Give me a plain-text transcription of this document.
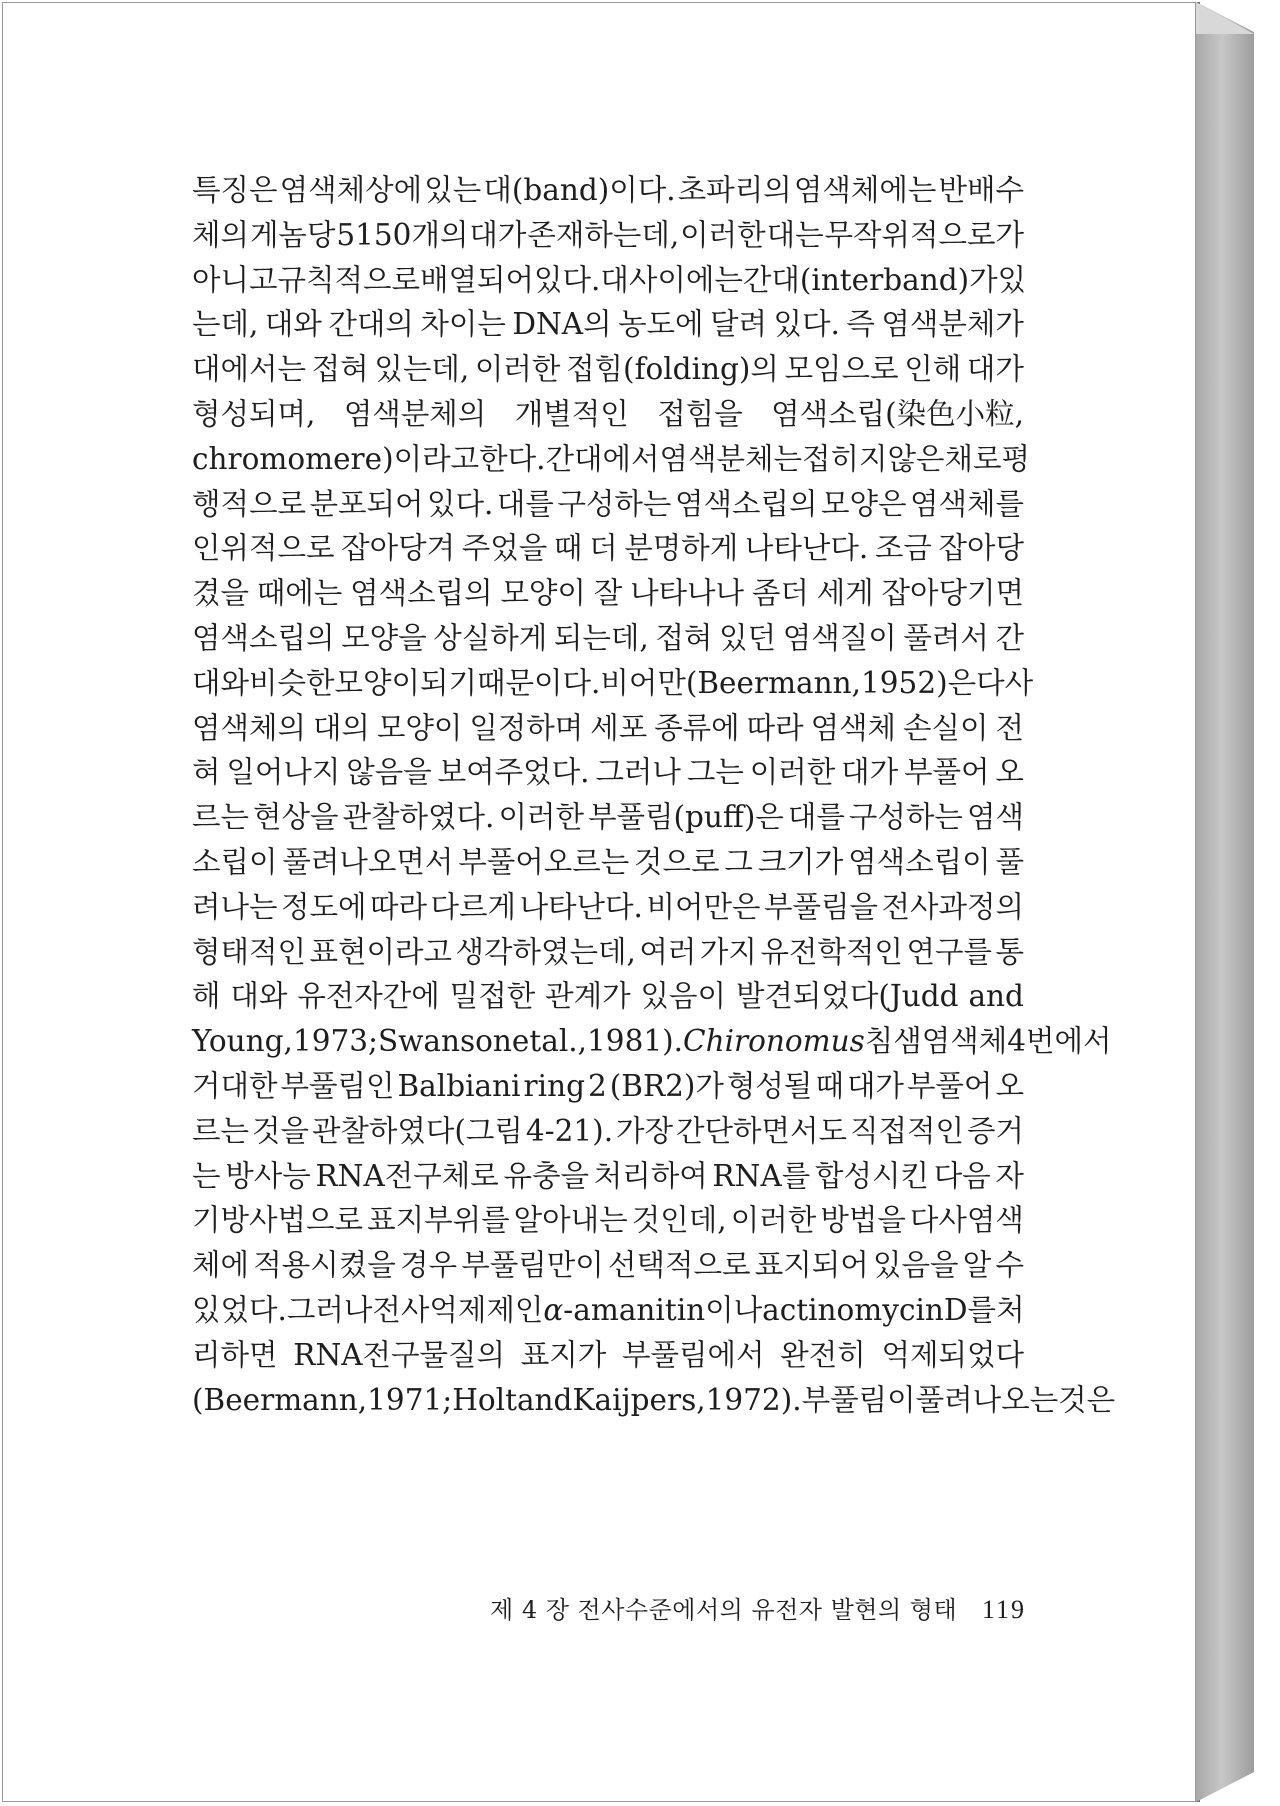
특징은 염색체상에 있는 대(band)이다. 초파리의 염색체에는 반배수
체의 게놈당 5150개의 대가 존재하는데, 이러한 대는 무작위적으로가
아니고 규칙적으로 배열되어 있다. 대 사이에는 간대(interband)가 있
는데, 대와 간대의 차이는 DNA의 농도에 달려 있다. 즉 염색분체가
대에서는 접혀 있는데, 이러한 접힘(folding)의 모임으로 인해 대가
형성되며, 염색분체의 개별적인 접힘을 염색소립(染色小粒,
chromomere)이라고 한다. 간대에서 염색분체는 접히지 않은 채로 평
행적으로 분포되어 있다. 대를 구성하는 염색소립의 모양은 염색체를
인위적으로 잡아당겨 주었을 때 더 분명하게 나타난다. 조금 잡아당
겼을 때에는 염색소립의 모양이 잘 나타나나 좀더 세게 잡아당기면
염색소립의 모양을 상실하게 되는데, 접혀 있던 염색질이 풀려서 간
대와 비슷한 모양이 되기 때문이다. 비어만(Beermann, 1952)은 다사
염색체의 대의 모양이 일정하며 세포 종류에 따라 염색체 손실이 전
혀 일어나지 않음을 보여주었다. 그러나 그는 이러한 대가 부풀어 오
르는 현상을 관찰하였다. 이러한 부풀림(puff)은 대를 구성하는 염색
소립이 풀려나오면서 부풀어오르는 것으로 그 크기가 염색소립이 풀
려나는 정도에 따라 다르게 나타난다. 비어만은 부풀림을 전사과정의
형태적인 표현이라고 생각하였는데, 여러 가지 유전학적인 연구를 통
해 대와 유전자간에 밀접한 관계가 있음이 발견되었다(Judd and
Young, 1973 ; Swanson et al., 1981). Chironomus 침샘염색체 4번에서
거대한 부풀림인 Balbiani ring 2 (BR2)가 형성될 때 대가 부풀어 오
르는 것을 관찰하였다(그림 4-21). 가장 간단하면서도 직접적인 증거
는 방사능 RNA전구체로 유충을 처리하여 RNA를 합성시킨 다음 자
기방사법으로 표지부위를 알아내는 것인데, 이러한 방법을 다사염색
체에 적용시켰을 경우 부풀림만이 선택적으로 표지되어 있음을 알 수
있었다. 그러나 전사 억제제인 α-amanitin이나 actinomycin D를 처
리하면 RNA전구물질의 표지가 부풀림에서 완전히 억제되었다
(Beermann, 1971 ; Holt and Kaijpers, 1972). 부풀림이 풀려나오는 것은
제 4 장 전사수준에서의 유전자 발현의 형태 119
